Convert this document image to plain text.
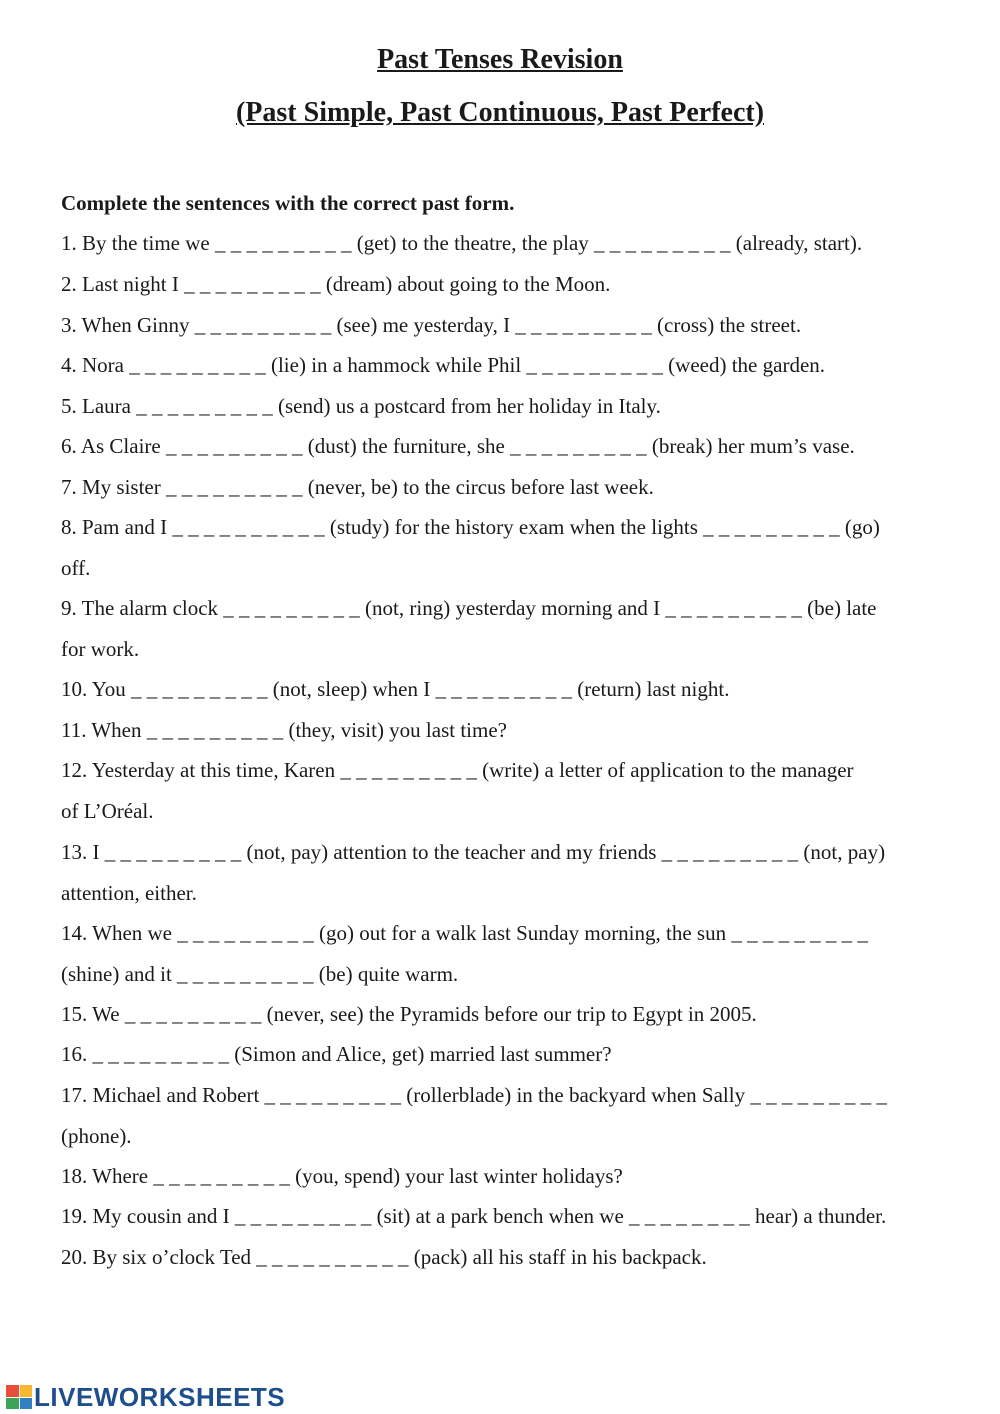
Past Tenses Revision
(Past Simple, Past Continuous, Past Perfect)

Complete the sentences with the correct past form.

1. By the time we _ _ _ _ _ _ _ _ _ (get) to the theatre, the play _ _ _ _ _ _ _ _ _ (already, start).

2. Last night I _ _ _ _ _ _ _ _ _ (dream) about going to the Moon.

3. When Ginny _ _ _ _ _ _ _ _ _ (see) me yesterday, I _ _ _ _ _ _ _ _ _ (cross) the street.

4. Nora _ _ _ _ _ _ _ _ _ (lie) in a hammock while Phil _ _ _ _ _ _ _ _ _ (weed) the garden.

5. Laura _ _ _ _ _ _ _ _ _ (send) us a postcard from her holiday in Italy.

6. As Claire _ _ _ _ _ _ _ _ _ (dust) the furniture, she _ _ _ _ _ _ _ _ _ (break) her mum’s vase.

7. My sister _ _ _ _ _ _ _ _ _ (never, be) to the circus before last week.

8. Pam and I _ _ _ _ _ _ _ _ _ _ (study) for the history exam when the lights _ _ _ _ _ _ _ _ _ (go)
off.

9. The alarm clock _ _ _ _ _ _ _ _ _ (not, ring) yesterday morning and I _ _ _ _ _ _ _ _ _ (be) late
for work.

10. You _ _ _ _ _ _ _ _ _ (not, sleep) when I _ _ _ _ _ _ _ _ _ (return) last night.

11. When _ _ _ _ _ _ _ _ _ (they, visit) you last time?

12. Yesterday at this time, Karen _ _ _ _ _ _ _ _ _ (write) a letter of application to the manager
of L’Oréal.

13. I _ _ _ _ _ _ _ _ _ (not, pay) attention to the teacher and my friends _ _ _ _ _ _ _ _ _ (not, pay)
attention, either.

14. When we _ _ _ _ _ _ _ _ _ (go) out for a walk last Sunday morning, the sun _ _ _ _ _ _ _ _ _
(shine) and it _ _ _ _ _ _ _ _ _ (be) quite warm.

15. We _ _ _ _ _ _ _ _ _ (never, see) the Pyramids before our trip to Egypt in 2005.

16. _ _ _ _ _ _ _ _ _ (Simon and Alice, get) married last summer?

17. Michael and Robert _ _ _ _ _ _ _ _ _ (rollerblade) in the backyard when Sally _ _ _ _ _ _ _ _ _
(phone).

18. Where _ _ _ _ _ _ _ _ _ (you, spend) your last winter holidays?

19. My cousin and I _ _ _ _ _ _ _ _ _ (sit) at a park bench when we _ _ _ _ _ _ _ _ hear) a thunder.

20. By six o’clock Ted _ _ _ _ _ _ _ _ _ _ (pack) all his staff in his backpack.

LIVEWORKSHEETS
